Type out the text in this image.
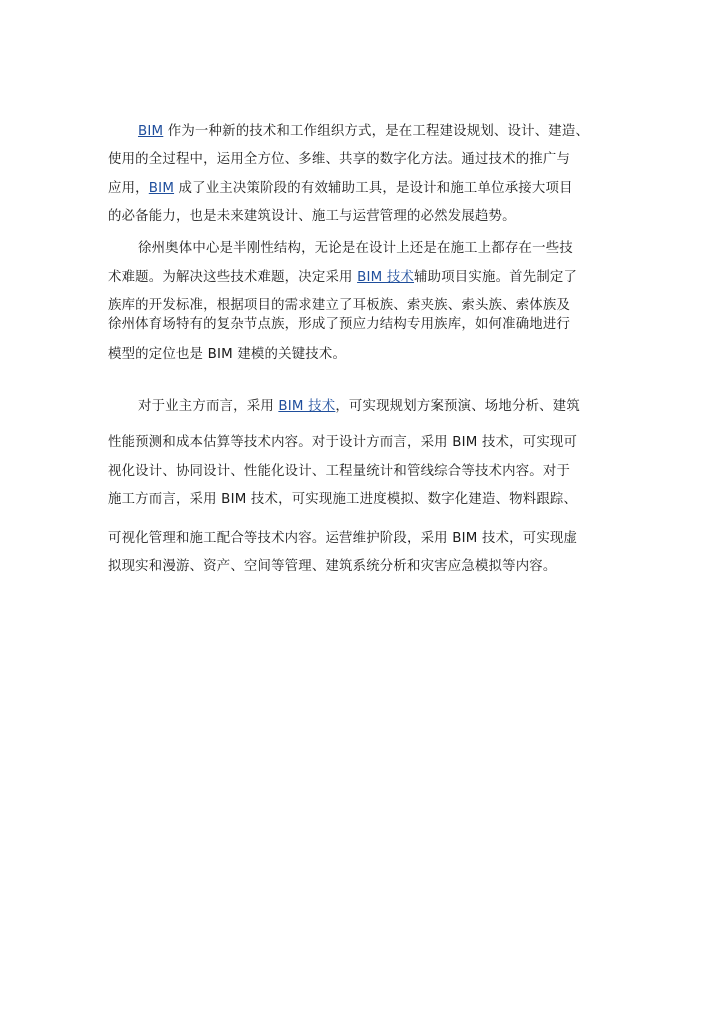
BIM 作为一种新的技术和工作组织方式，是在工程建设规划、设计、建造、
使用的全过程中，运用全方位、多维、共享的数字化方法。通过技术的推广与
应用，BIM 成了业主决策阶段的有效辅助工具，是设计和施工单位承接大项目
的必备能力，也是未来建筑设计、施工与运营管理的必然发展趋势。
徐州奥体中心是半刚性结构，无论是在设计上还是在施工上都存在一些技
术难题。为解决这些技术难题，决定采用 BIM 技术辅助项目实施。首先制定了
族库的开发标准，根据项目的需求建立了耳板族、索夹族、索头族、索体族及
徐州体育场特有的复杂节点族，形成了预应力结构专用族库，如何准确地进行
模型的定位也是 BIM 建模的关键技术。
对于业主方而言，采用 BIM 技术，可实现规划方案预演、场地分析、建筑
性能预测和成本估算等技术内容。对于设计方而言，采用 BIM 技术，可实现可
视化设计、协同设计、性能化设计、工程量统计和管线综合等技术内容。对于
施工方而言，采用 BIM 技术，可实现施工进度模拟、数字化建造、物料跟踪、
可视化管理和施工配合等技术内容。运营维护阶段，采用 BIM 技术，可实现虚
拟现实和漫游、资产、空间等管理、建筑系统分析和灾害应急模拟等内容。
